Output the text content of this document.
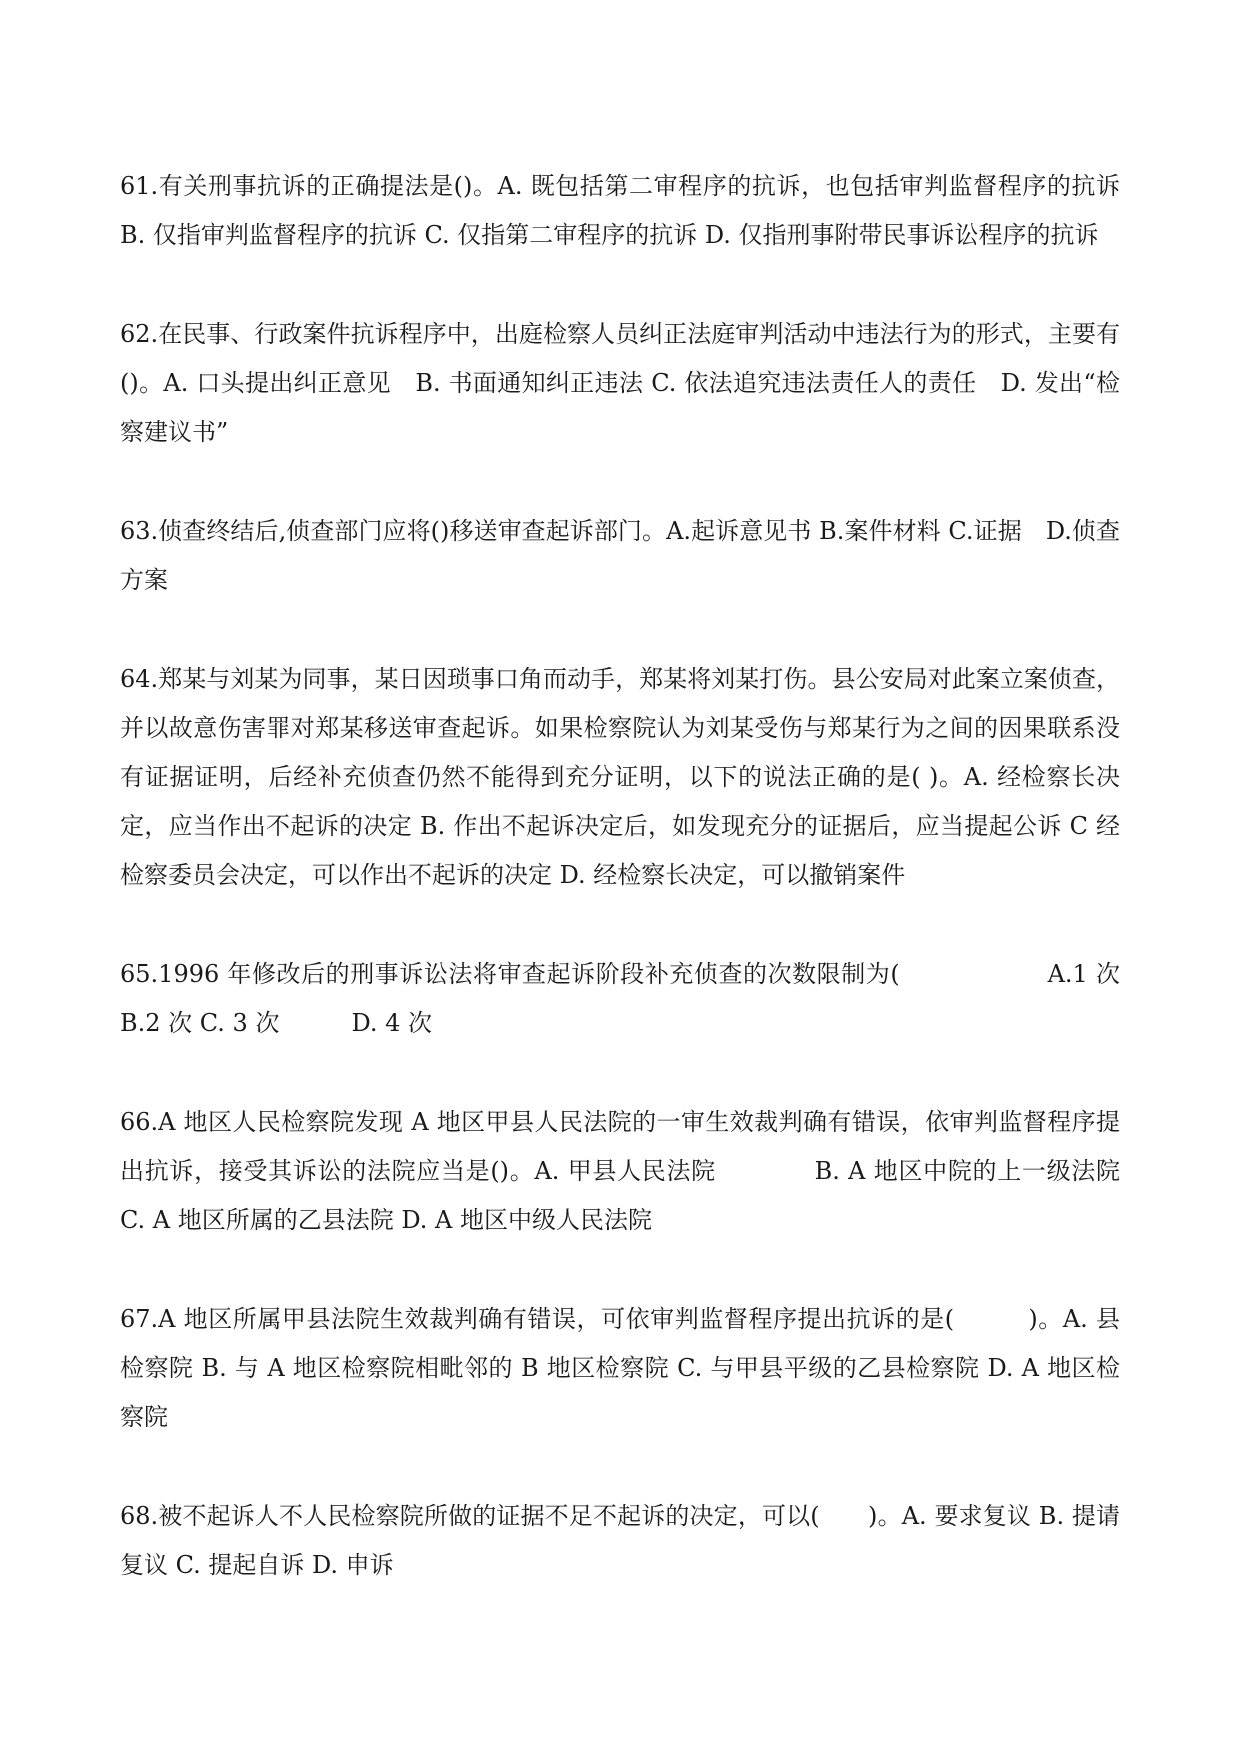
61.有关刑事抗诉的正确提法是()。A. 既包括第二审程序的抗诉，也包括审判监督程序的抗诉 B. 仅指审判监督程序的抗诉 C. 仅指第二审程序的抗诉 D. 仅指刑事附带民事诉讼程序的抗诉

62.在民事、行政案件抗诉程序中，出庭检察人员纠正法庭审判活动中违法行为的形式，主要有()。A. 口头提出纠正意见　B. 书面通知纠正违法 C. 依法追究违法责任人的责任　D. 发出“检察建议书”

63.侦查终结后,侦查部门应将()移送审查起诉部门。A.起诉意见书 B.案件材料 C.证据　D.侦查方案

64.郑某与刘某为同事，某日因琐事口角而动手，郑某将刘某打伤。县公安局对此案立案侦查，并以故意伤害罪对郑某移送审查起诉。如果检察院认为刘某受伤与郑某行为之间的因果联系没有证据证明，后经补充侦查仍然不能得到充分证明，以下的说法正确的是( )。A. 经检察长决定，应当作出不起诉的决定 B. 作出不起诉决定后，如发现充分的证据后，应当提起公诉 C 经检察委员会决定，可以作出不起诉的决定 D. 经检察长决定，可以撤销案件

65.1996 年修改后的刑事诉讼法将审查起诉阶段补充侦查的次数限制为(　　　　　　A.1 次 B.2 次 C. 3 次　　　D. 4 次

66.A 地区人民检察院发现 A 地区甲县人民法院的一审生效裁判确有错误，依审判监督程序提出抗诉，接受其诉讼的法院应当是()。A. 甲县人民法院　　　　B. A 地区中院的上一级法院 C. A 地区所属的乙县法院 D. A 地区中级人民法院

67.A 地区所属甲县法院生效裁判确有错误，可依审判监督程序提出抗诉的是(　　　)。A. 县检察院 B. 与 A 地区检察院相毗邻的 B 地区检察院 C. 与甲县平级的乙县检察院 D. A 地区检察院

68.被不起诉人不人民检察院所做的证据不足不起诉的决定，可以(　　)。A. 要求复议 B. 提请复议 C. 提起自诉 D. 申诉
